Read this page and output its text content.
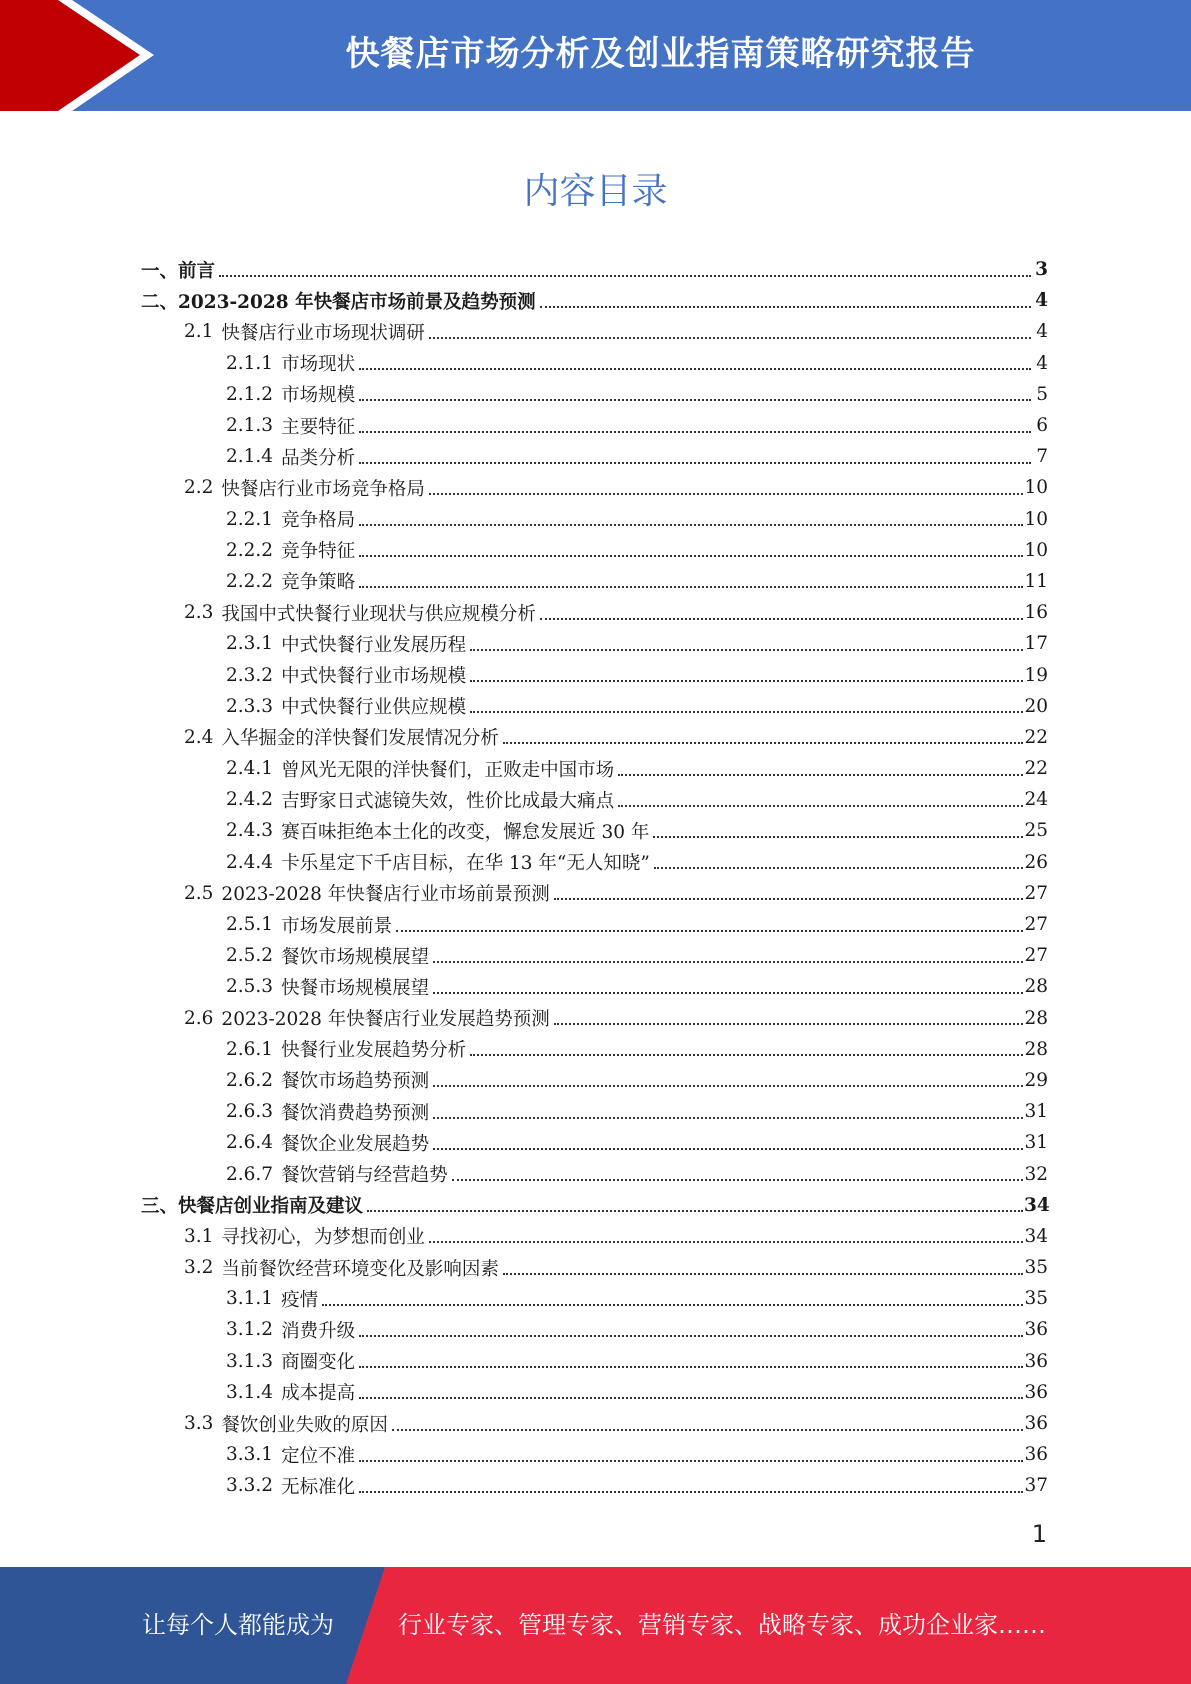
快餐店市场分析及创业指南策略研究报告
内容目录
一、 前言	3
二、 2023-2028 年快餐店市场前景及趋势预测	4
2.1 快餐店行业市场现状调研	4
2.1.1 市场现状	4
2.1.2 市场规模	5
2.1.3 主要特征	6
2.1.4 品类分析	7
2.2 快餐店行业市场竞争格局	10
2.2.1 竞争格局	10
2.2.2 竞争特征	10
2.2.2 竞争策略	11
2.3 我国中式快餐行业现状与供应规模分析	16
2.3.1 中式快餐行业发展历程	17
2.3.2 中式快餐行业市场规模	19
2.3.3 中式快餐行业供应规模	20
2.4 入华掘金的洋快餐们发展情况分析	22
2.4.1 曾风光无限的洋快餐们，正败走中国市场	22
2.4.2 吉野家日式滤镜失效，性价比成最大痛点	24
2.4.3 赛百味拒绝本土化的改变，懈怠发展近 30 年	25
2.4.4 卡乐星定下千店目标，在华 13 年“无人知晓”	26
2.5 2023-2028 年快餐店行业市场前景预测	27
2.5.1 市场发展前景	27
2.5.2 餐饮市场规模展望	27
2.5.3 快餐市场规模展望	28
2.6 2023-2028 年快餐店行业发展趋势预测	28
2.6.1 快餐行业发展趋势分析	28
2.6.2 餐饮市场趋势预测	29
2.6.3 餐饮消费趋势预测	31
2.6.4 餐饮企业发展趋势	31
2.6.7 餐饮营销与经营趋势	32
三、 快餐店创业指南及建议	34
3.1 寻找初心，为梦想而创业	34
3.2 当前餐饮经营环境变化及影响因素	35
3.1.1 疫情	35
3.1.2 消费升级	36
3.1.3 商圈变化	36
3.1.4 成本提高	36
3.3 餐饮创业失败的原因	36
3.3.1 定位不准	36
3.3.2 无标准化	37
1
让每个人都能成为	行业专家、管理专家、营销专家、战略专家、成功企业家……
